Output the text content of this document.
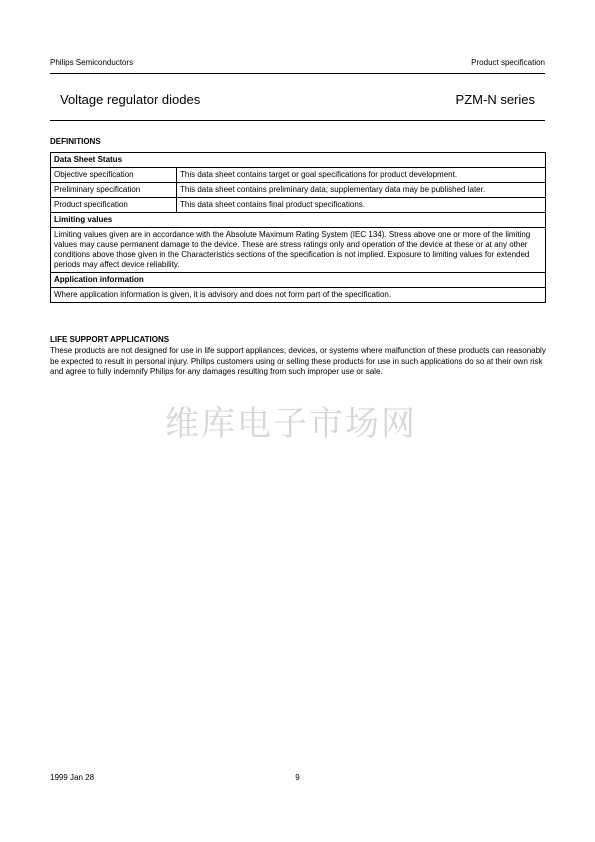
Philips Semiconductors	Product specification
Voltage regulator diodes	PZM-N series
DEFINITIONS
Data Sheet Status	
Objective specification	This data sheet contains target or goal specifications for product development.
Preliminary specification	This data sheet contains preliminary data; supplementary data may be published later.
Product specification	This data sheet contains final product specifications.
Limiting values	
Limiting values given are in accordance with the Absolute Maximum Rating System (IEC 134). Stress above one or more of the limiting values may cause permanent damage to the device. These are stress ratings only and operation of the device at these or at any other conditions above those given in the Characteristics sections of the specification is not implied. Exposure to limiting values for extended periods may affect device reliability.	
Application information	
Where application information is given, it is advisory and does not form part of the specification.	
LIFE SUPPORT APPLICATIONS
These products are not designed for use in life support appliances, devices, or systems where malfunction of these products can reasonably be expected to result in personal injury. Philips customers using or selling these products for use in such applications do so at their own risk and agree to fully indemnify Philips for any damages resulting from such improper use or sale.
维库电子市场网
1999 Jan 28	9
